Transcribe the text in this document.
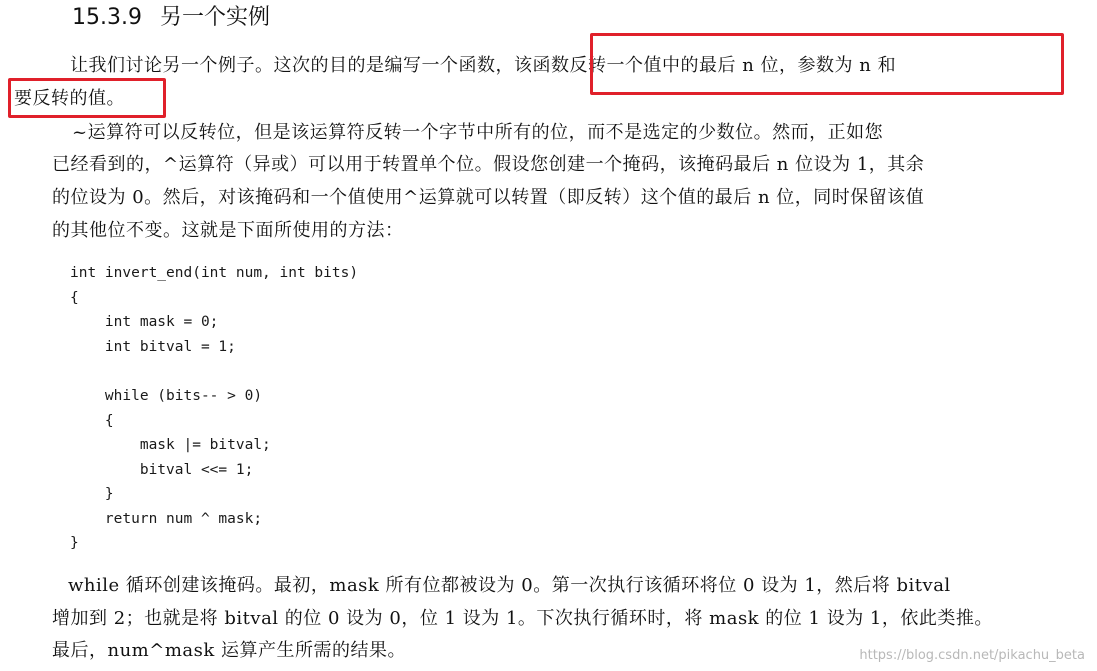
15.3.9 另一个实例
让我们讨论另一个例子。这次的目的是编写一个函数，该函数反转一个值中的最后 n 位，参数为 n 和
要反转的值。
~运算符可以反转位，但是该运算符反转一个字节中所有的位，而不是选定的少数位。然而，正如您
已经看到的，^运算符（异或）可以用于转置单个位。假设您创建一个掩码，该掩码最后 n 位设为 1，其余
的位设为 0。然后，对该掩码和一个值使用^运算就可以转置（即反转）这个值的最后 n 位，同时保留该值
的其他位不变。这就是下面所使用的方法：
int invert_end(int num, int bits)
{
int mask = 0;
int bitval = 1;
while (bits-- > 0)
{
mask |= bitval;
bitval <<= 1;
}
return num ^ mask;
}
while 循环创建该掩码。最初，mask 所有位都被设为 0。第一次执行该循环将位 0 设为 1，然后将 bitval
增加到 2；也就是将 bitval 的位 0 设为 0，位 1 设为 1。下次执行循环时，将 mask 的位 1 设为 1，依此类推。
最后，num^mask 运算产生所需的结果。	https://blog.csdn.net/pikachu_beta
